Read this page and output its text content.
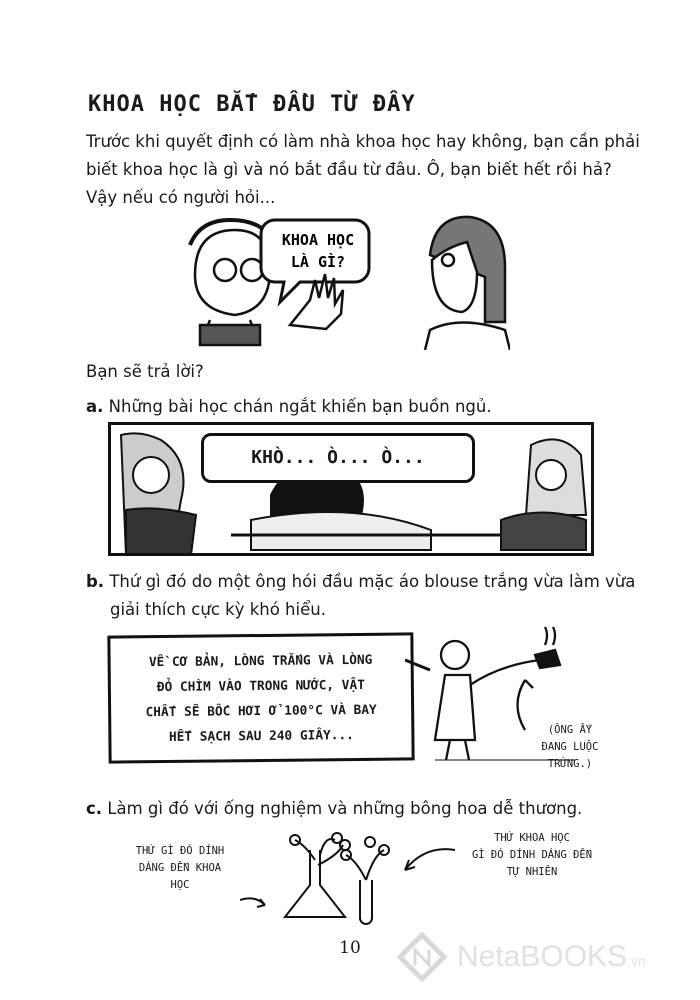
KHOA HỌC BẮT ĐẦU TỪ ĐÂY
Trước khi quyết định có làm nhà khoa học hay không, bạn cần phải
biết khoa học là gì và nó bắt đầu từ đâu. Ô, bạn biết hết rồi hả?
Vậy nếu có người hỏi...
KHOA HỌC
LÀ GÌ?
Bạn sẽ trả lời?
a. Những bài học chán ngắt khiến bạn buồn ngủ.
KHÒ... Ò... Ò...
b. Thứ gì đó do một ông hói đầu mặc áo blouse trắng vừa làm vừa
giải thích cực kỳ khó hiểu.
VỀ CƠ BẢN, LÒNG TRẮNG VÀ LÒNG
ĐỎ CHÌM VÀO TRONG NƯỚC, VẬT
CHẤT SẼ BỐC HƠI Ở 100°C VÀ BAY
HẾT SẠCH SAU 240 GIÂY...	(ÔNG ẤY
ĐANG LUỘC
TRỨNG.)
c. Làm gì đó với ống nghiệm và những bông hoa dễ thương.
THỨ GÌ ĐÓ DÍNH
DÁNG ĐẾN KHOA
HỌC
THỨ KHOA HỌC
GÌ ĐÓ DÍNH DÁNG ĐẾN
TỰ NHIÊN
10	NetaBOOKS.vn
